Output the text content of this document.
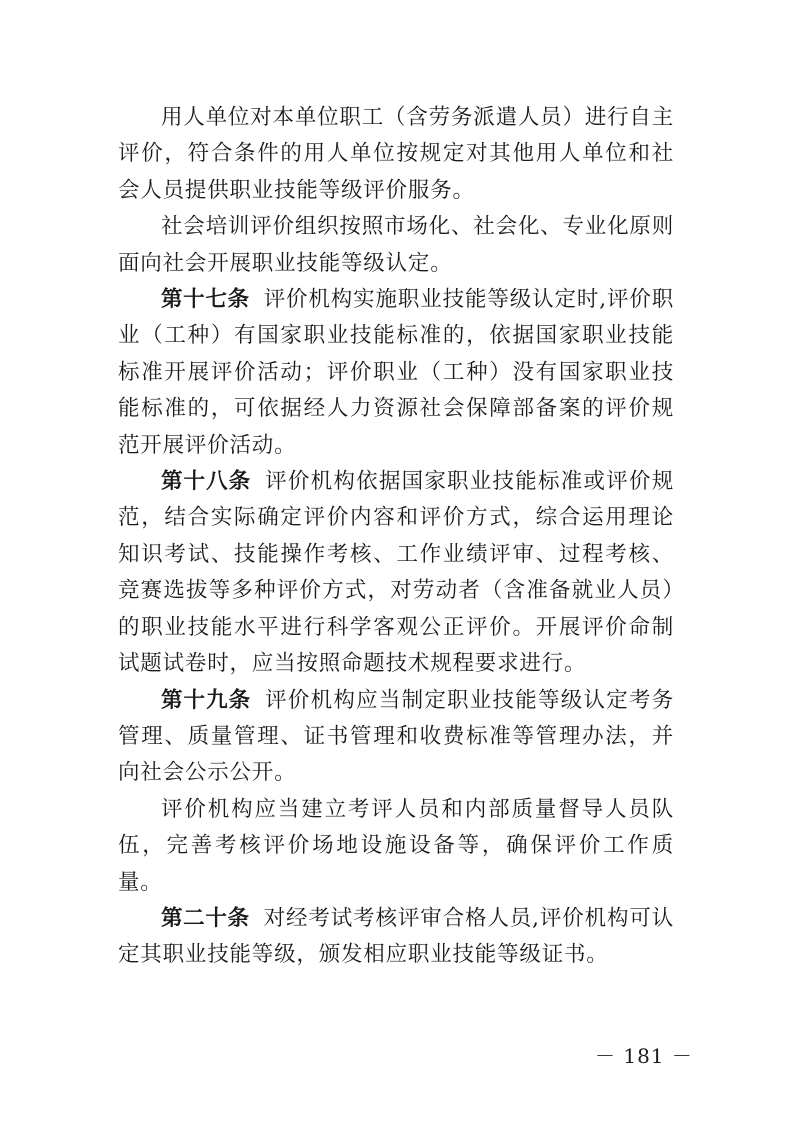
用人单位对本单位职工（含劳务派遣人员）进行自主评价，符合条件的用人单位按规定对其他用人单位和社会人员提供职业技能等级评价服务。

社会培训评价组织按照市场化、社会化、专业化原则面向社会开展职业技能等级认定。

第十七条 评价机构实施职业技能等级认定时,评价职业（工种）有国家职业技能标准的，依据国家职业技能标准开展评价活动；评价职业（工种）没有国家职业技能标准的，可依据经人力资源社会保障部备案的评价规范开展评价活动。

第十八条 评价机构依据国家职业技能标准或评价规范，结合实际确定评价内容和评价方式，综合运用理论知识考试、技能操作考核、工作业绩评审、过程考核、竞赛选拔等多种评价方式，对劳动者（含准备就业人员）的职业技能水平进行科学客观公正评价。开展评价命制试题试卷时，应当按照命题技术规程要求进行。

第十九条 评价机构应当制定职业技能等级认定考务管理、质量管理、证书管理和收费标准等管理办法，并向社会公示公开。

评价机构应当建立考评人员和内部质量督导人员队伍，完善考核评价场地设施设备等，确保评价工作质量。

第二十条 对经考试考核评审合格人员,评价机构可认定其职业技能等级，颁发相应职业技能等级证书。

－ 181 －
